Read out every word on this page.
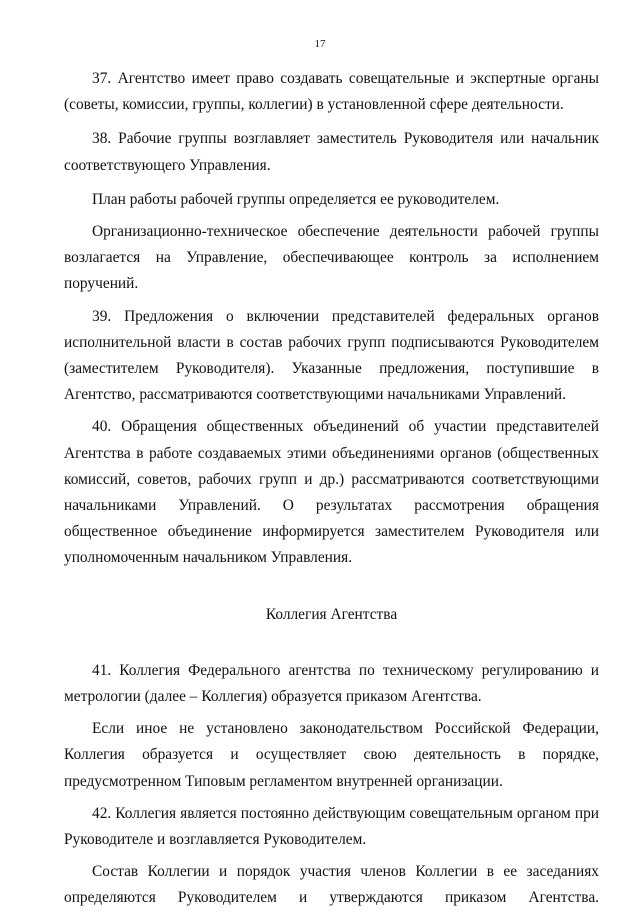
17

37. Агентство имеет право создавать совещательные и экспертные органы (советы, комиссии, группы, коллегии) в установленной сфере деятельности.

38. Рабочие группы возглавляет заместитель Руководителя или начальник соответствующего Управления.

План работы рабочей группы определяется ее руководителем.

Организационно-техническое обеспечение деятельности рабочей группы возлагается на Управление, обеспечивающее контроль за исполнением поручений.

39. Предложения о включении представителей федеральных органов исполнительной власти в состав рабочих групп подписываются Руководителем (заместителем Руководителя). Указанные предложения, поступившие в Агентство, рассматриваются соответствующими начальниками Управлений.

40. Обращения общественных объединений об участии представителей Агентства в работе создаваемых этими объединениями органов (общественных комиссий, советов, рабочих групп и др.) рассматриваются соответствующими начальниками Управлений. О результатах рассмотрения обращения общественное объединение информируется заместителем Руководителя или уполномоченным начальником Управления.

Коллегия Агентства

41. Коллегия Федерального агентства по техническому регулированию и метрологии (далее – Коллегия) образуется приказом Агентства.

Если иное не установлено законодательством Российской Федерации, Коллегия образуется и осуществляет свою деятельность в порядке, предусмотренном Типовым регламентом внутренней организации.

42. Коллегия является постоянно действующим совещательным органом при Руководителе и возглавляется Руководителем.

Состав Коллегии и порядок участия членов Коллегии в ее заседаниях определяются Руководителем и утверждаются приказом Агентства.
